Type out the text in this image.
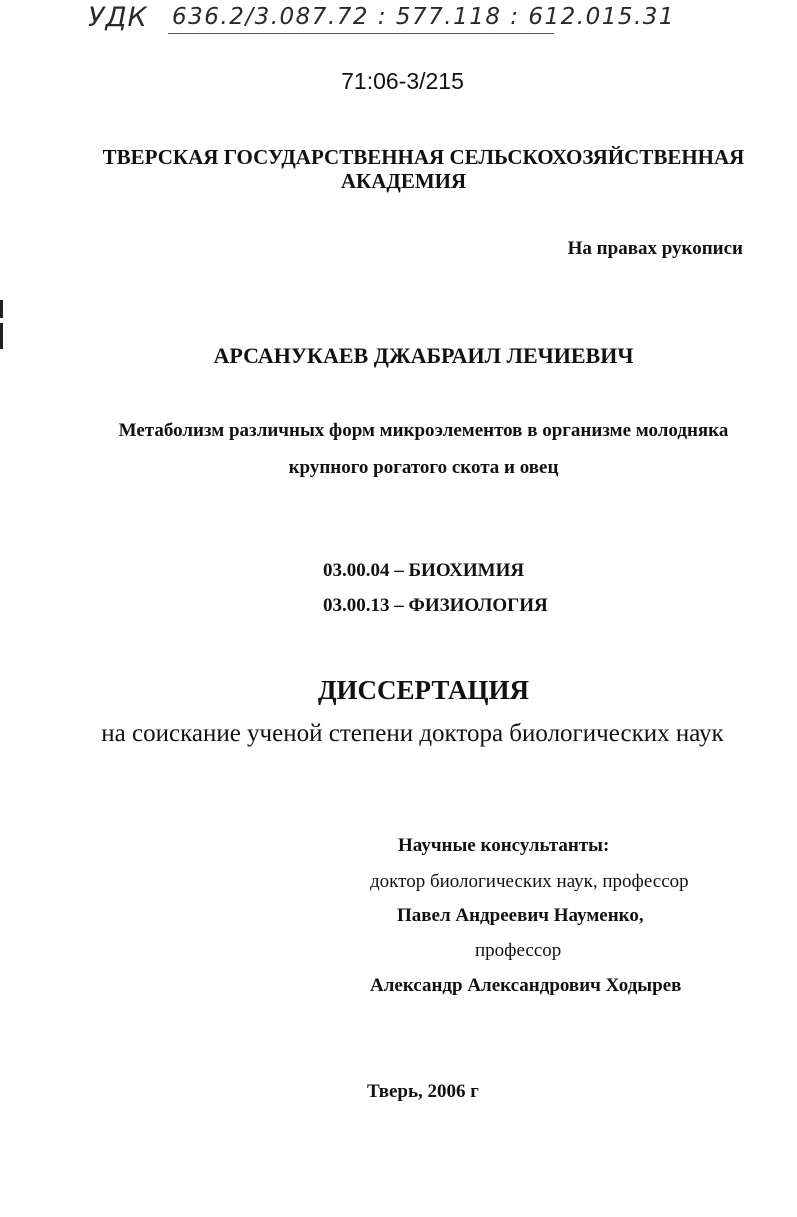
УДК 636.2/3.087.72 : 577.118 : 612.015.31
71:06-3/215
ТВЕРСКАЯ ГОСУДАРСТВЕННАЯ СЕЛЬСКОХОЗЯЙСТВЕННАЯ
АКАДЕМИЯ
На правах рукописи
АРСАНУКАЕВ ДЖАБРАИЛ ЛЕЧИЕВИЧ
Метаболизм различных форм микроэлементов в организме молодняка
крупного рогатого скота и овец
03.00.04 – БИОХИМИЯ
03.00.13 – ФИЗИОЛОГИЯ
ДИССЕРТАЦИЯ
на соискание ученой степени доктора биологических наук
Научные консультанты:
доктор биологических наук, профессор
Павел Андреевич Науменко,
профессор
Александр Александрович Ходырев
Тверь, 2006 г
